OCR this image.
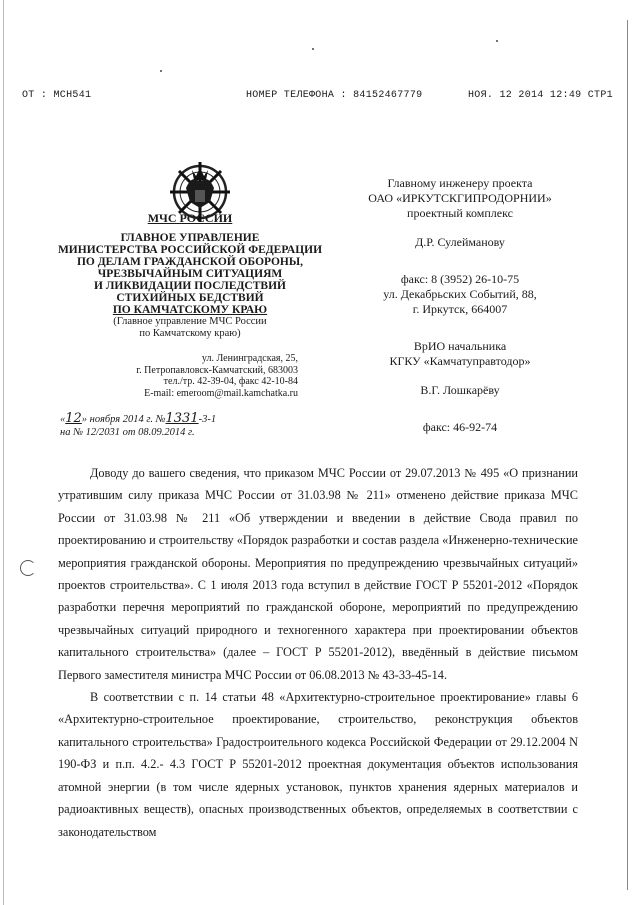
ОТ : МСН541	НОМЕР ТЕЛЕФОНА : 84152467779	НОЯ. 12 2014 12:49 СТР1
МЧС РОССИИ
ГЛАВНОЕ УПРАВЛЕНИЕ
МИНИСТЕРСТВА РОССИЙСКОЙ ФЕДЕРАЦИИ
ПО ДЕЛАМ ГРАЖДАНСКОЙ ОБОРОНЫ,
ЧРЕЗВЫЧАЙНЫМ СИТУАЦИЯМ
И ЛИКВИДАЦИИ ПОСЛЕДСТВИЙ
СТИХИЙНЫХ БЕДСТВИЙ
ПО КАМЧАТСКОМУ КРАЮ
(Главное управление МЧС России
по Камчатскому краю)
ул. Ленинградская, 25,
г. Петропавловск-Камчатский, 683003
тел./тр. 42-39-04, факс 42-10-84
E-mail: emeroom@mail.kamchatka.ru
«12» ноября 2014 г. №1331-3-1
на № 12/2031 от 08.09.2014 г.
Главному инженеру проекта
ОАО «ИРКУТСКГИПРОДОРНИИ»
проектный комплекс
Д.Р. Сулейманову
факс: 8 (3952) 26-10-75
ул. Декабрьских Событий, 88,
г. Иркутск, 664007
ВрИО начальника
КГКУ «Камчатуправтодор»
В.Г. Лошкарёву
факс: 46-92-74

Доводу до вашего сведения, что приказом МЧС России от 29.07.2013 № 495 «О признании утратившим силу приказа МЧС России от 31.03.98 № 211» отменено действие приказа МЧС России от 31.03.98 № 211 «Об утверждении и введении в действие Свода правил по проектированию и строительству «Порядок разработки и состав раздела «Инженерно-технические мероприятия гражданской обороны. Мероприятия по предупреждению чрезвычайных ситуаций» проектов строительства». С 1 июля 2013 года вступил в действие ГОСТ Р 55201-2012 «Порядок разработки перечня мероприятий по гражданской обороне, мероприятий по предупреждению чрезвычайных ситуаций природного и техногенного характера при проектировании объектов капитального строительства» (далее – ГОСТ Р 55201-2012), введённый в действие письмом Первого заместителя министра МЧС России от 06.08.2013 № 43-33-45-14.

В соответствии с п. 14 статьи 48 «Архитектурно-строительное проектирование» главы 6 «Архитектурно-строительное проектирование, строительство, реконструкция объектов капитального строительства» Градостроительного кодекса Российской Федерации от 29.12.2004 N 190-ФЗ и п.п. 4.2.- 4.3 ГОСТ Р 55201-2012 проектная документация объектов использования атомной энергии (в том числе ядерных установок, пунктов хранения ядерных материалов и радиоактивных веществ), опасных производственных объектов, определяемых в соответствии с законодательством
